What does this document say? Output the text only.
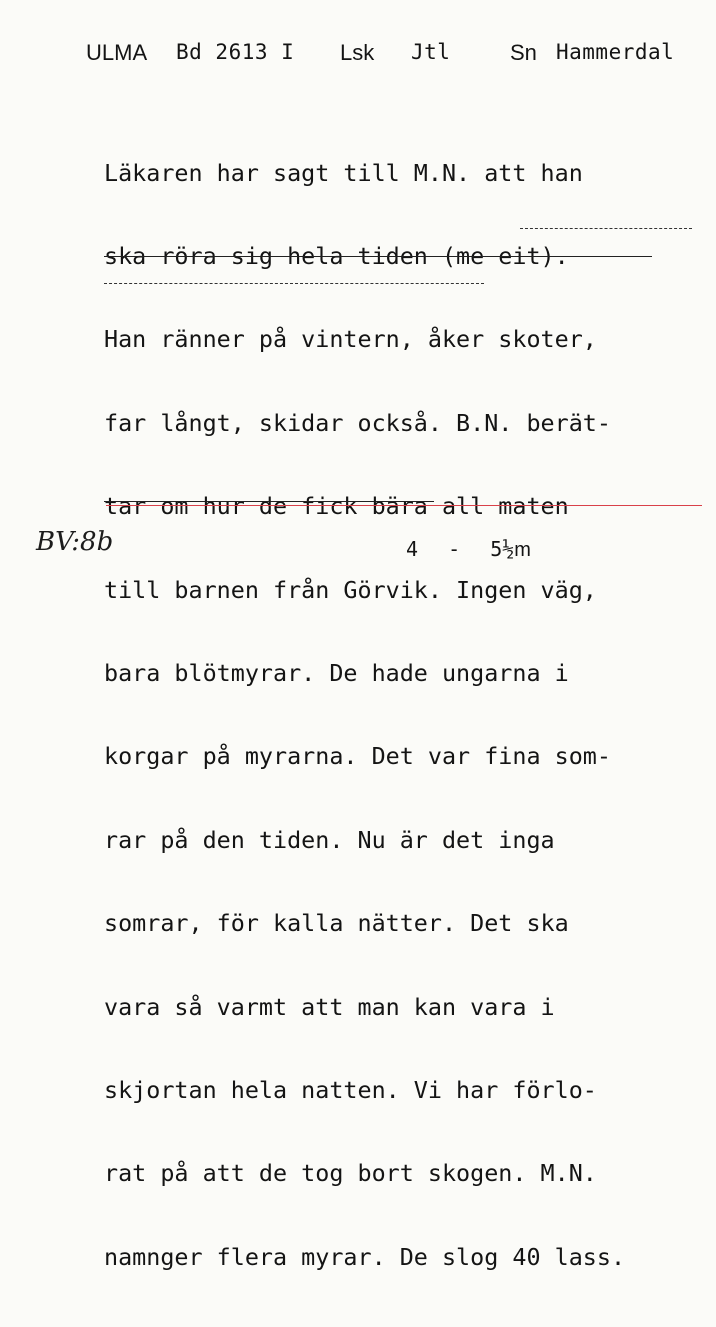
ULMA Bd 2613 I Lsk Jtl	Sn Hammerdal

Läkaren har sagt till M.N. att han

ska röra sig hela tiden (me eit).

Han ränner på vintern, åker skoter,

far långt, skidar också. B.N. berät-

tar om hur de fick bära all maten

till barnen från Görvik. Ingen väg,

bara blötmyrar. De hade ungarna i

korgar på myrarna. Det var fina som-

rar på den tiden. Nu är det inga

somrar, för kalla nätter. Det ska

vara så varmt att man kan vara i

skjortan hela natten. Vi har förlo-

rat på att de tog bort skogen. M.N.

namnger flera myrar. De slog 40 lass.

BV:8b	4 - 5½m
